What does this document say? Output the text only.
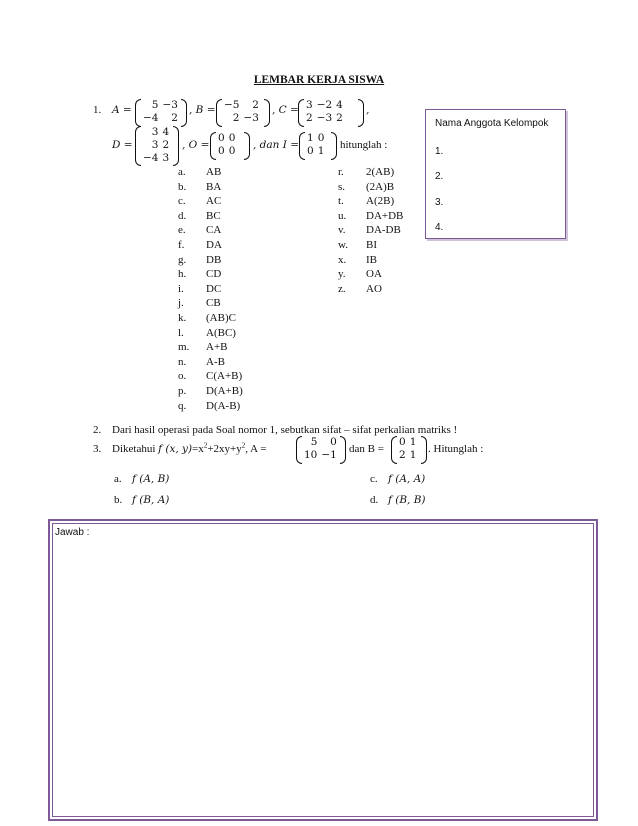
LEMBAR KERJA SISWA
1. A = 5	−3
−4	2
, B = −5	2
2	−3
, C = 3	−2	4
2	−3	2
,
D =
3	4
3	2
−4	3
, O =
0	0
0	0 , dan I =
1	0
0	1 hitunglah :
a. AB
b. BA
c. AC
d. BC
e. CA
f. DA
g. DB
h. CD
i. DC
j. CB
k. (AB)C
l. A(BC)
m. A+B
n. A-B
o. C(A+B)
p. D(A+B)
q. D(A-B)
r. 2(AB)
s. (2A)B
t. A(2B)
u. DA+DB
v. DA-DB
w. BI
x. IB
y. OA
z. AO
Nama Anggota Kelompok
1.
2.
3.
4.
2. Dari hasil operasi pada Soal nomor 1, sebutkan sifat – sifat perkalian matriks !
3. Diketahui f (x, $y)=x^2+2xy+y^2$, A =
5	0
10	−1 dan B =
0	1
2	1 . Hitunglah :
a. f (A, B)
b. f (B, A)
c. f (A, A)
d. f (B, B)
Jawab :
